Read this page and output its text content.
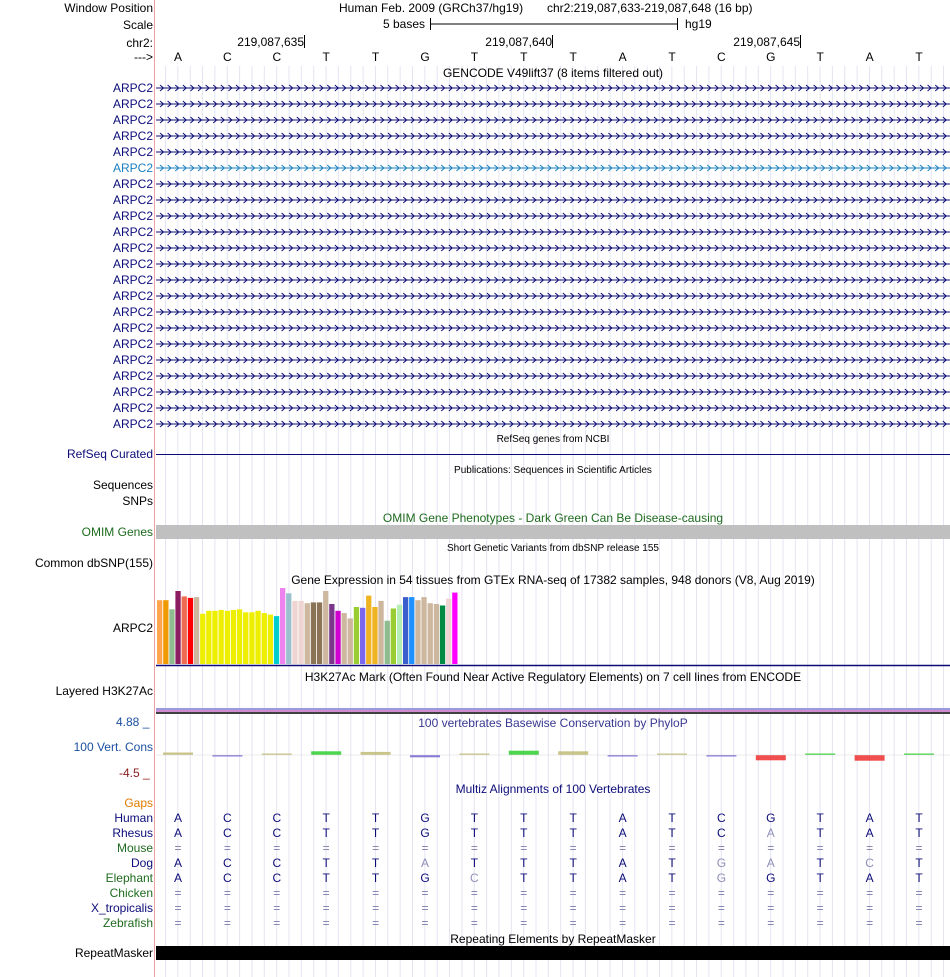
Window Position	Human Feb. 2009 (GRCh37/hg19) chr2:219,087,633-219,087,648 (16 bp)
Scale	5 bases	hg19
chr2:	219,087,635	219,087,640	219,087,645
---> A	C	C	T	T	G	T	T	T	A	T	C	G	T	A	T
GENCODE V49lift37 (8 items filtered out)
ARPC2
ARPC2
ARPC2
ARPC2
ARPC2
ARPC2
ARPC2
ARPC2
ARPC2
ARPC2
ARPC2
ARPC2
ARPC2
ARPC2
ARPC2
ARPC2
ARPC2
ARPC2
ARPC2
ARPC2
ARPC2
ARPC2
RefSeq genes from NCBI
RefSeq Curated
Publications: Sequences in Scientific Articles
Sequences
SNPs
OMIM Gene Phenotypes - Dark Green Can Be Disease-causing
OMIM Genes
Short Genetic Variants from dbSNP release 155
Common dbSNP(155)
Gene Expression in 54 tissues from GTEx RNA-seq of 17382 samples, 948 donors (V8, Aug 2019)
ARPC2
H3K27Ac Mark (Often Found Near Active Regulatory Elements) on 7 cell lines from ENCODE
Layered H3K27Ac
100 vertebrates Basewise Conservation by PhyloP
4.88 _
100 Vert. Cons
-4.5 _
Multiz Alignments of 100 Vertebrates
Gaps
Human A	C	C	T	T	G	T	T	T	A	T	C	G	T	A	T
Rhesus A	C	C	T	T	G	T	T	T	A	T	C	A	T	A	T
Mouse =	=	=	=	=	=	=	=	=	=	=	=	=	=	=	=
Dog A	C	C	T	T	A	T	T	T	A	T	G	A	T	C	T
Elephant A	C	C	T	T	G	C	T	T	A	T	G	G	T	A	T
Chicken =	=	=	=	=	=	=	=	=	=	=	=	=	=	=	=
X_tropicalis =	=	=	=	=	=	=	=	=	=	=	=	=	=	=	=
Zebrafish =	=	=	=	=	=	=	=	=	=	=	=	=	=	=	=
Repeating Elements by RepeatMasker
RepeatMasker
